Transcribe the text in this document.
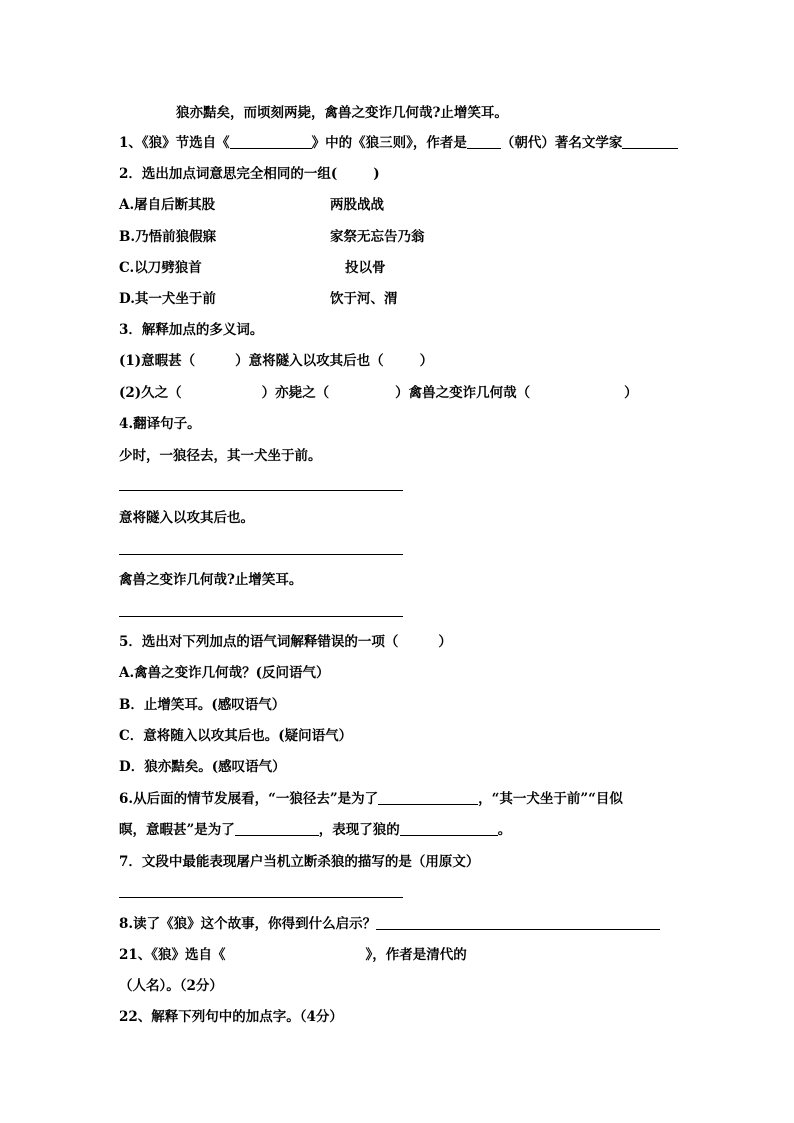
狼亦黠矣，而顷刻两毙，禽兽之变诈几何哉?止增笑耳。
1、《狼》节选自《	》中的《狼三则》，作者是	（朝代）著名文学家
2．选出加点词意思完全相同的一组(	)
A.屠自后断其股	两股战战
B.乃悟前狼假寐	家祭无忘告乃翁
C.以刀劈狼首	投以骨
D.其一犬坐于前	饮于河、渭
3．解释加点的多义词。
(1)意暇甚（	）意将隧入以攻其后也（	）
(2)久之（	）亦毙之（	）禽兽之变诈几何哉（	）
4.翻译句子。
少时，一狼径去，其一犬坐于前。
意将隧入以攻其后也。
禽兽之变诈几何哉?止增笑耳。
5．选出对下列加点的语气词解释错误的一项（	）
A.禽兽之变诈几何哉？(反问语气）
B．止增笑耳。(感叹语气）
C．意将随入以攻其后也。(疑问语气）
D．狼亦黠矣。(感叹语气）
6.从后面的情节发展看，“一狼径去”是为了	，“其一犬坐于前”“目似
暝，意暇甚”是为了	，表现了狼的	。
7．文段中最能表现屠户当机立断杀狼的描写的是（用原文）
8.读了《狼》这个故事，你得到什么启示？
21、《狼》选自《	》，作者是清代的
（人名）。（2分）
22、解释下列句中的加点字。（4分）
